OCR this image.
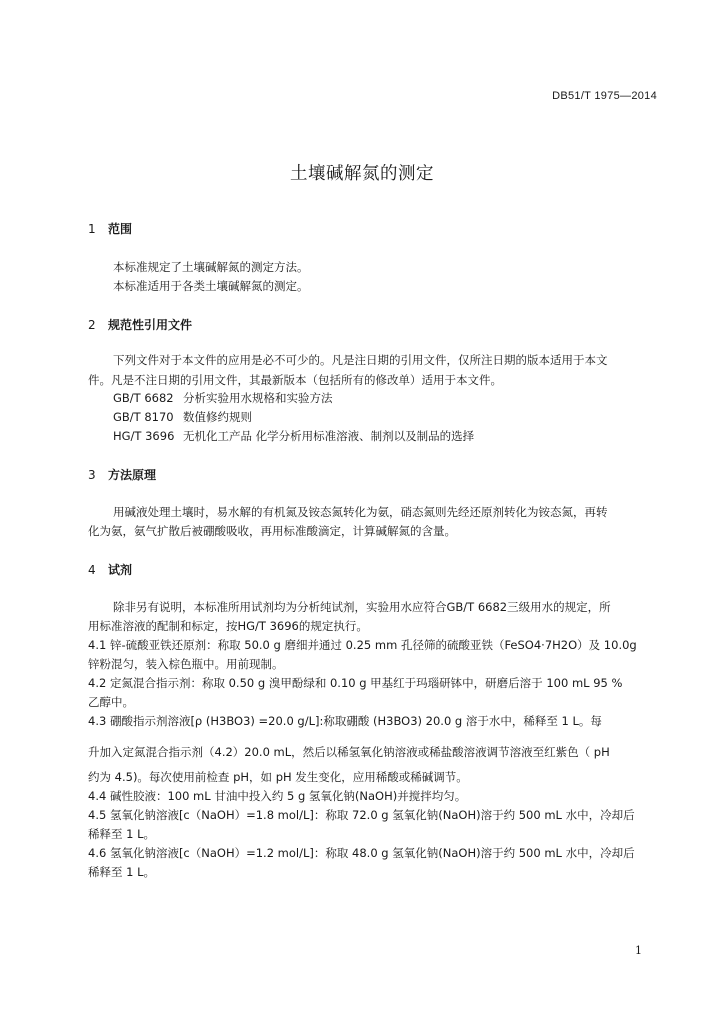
DB51/T 1975—2014
土壤碱解氮的测定
1 范围
本标准规定了土壤碱解氮的测定方法。
本标准适用于各类土壤碱解氮的测定。
2 规范性引用文件
下列文件对于本文件的应用是必不可少的。凡是注日期的引用文件，仅所注日期的版本适用于本文
件。凡是不注日期的引用文件，其最新版本（包括所有的修改单）适用于本文件。
GB/T 6682 分析实验用水规格和实验方法
GB/T 8170 数值修约规则
HG/T 3696 无机化工产品 化学分析用标准溶液、制剂以及制品的选择
3 方法原理
用碱液处理土壤时，易水解的有机氮及铵态氮转化为氨，硝态氮则先经还原剂转化为铵态氮，再转
化为氨，氨气扩散后被硼酸吸收，再用标准酸滴定，计算碱解氮的含量。
4 试剂
除非另有说明，本标准所用试剂均为分析纯试剂，实验用水应符合GB/T 6682三级用水的规定，所
用标准溶液的配制和标定，按HG/T 3696的规定执行。
4.1 锌-硫酸亚铁还原剂：称取 50.0 g 磨细并通过 0.25 mm 孔径筛的硫酸亚铁（FeSO4·7H2O）及 10.0g
锌粉混匀，装入棕色瓶中。用前现制。
4.2 定氮混合指示剂：称取 0.50 g 溴甲酚绿和 0.10 g 甲基红于玛瑙研钵中，研磨后溶于 100 mL 95 %
乙醇中。
4.3 硼酸指示剂溶液[ρ (H3BO3) =20.0 g/L]:称取硼酸 (H3BO3) 20.0 g 溶于水中，稀释至 1 L。每
升加入定氮混合指示剂（4.2）20.0 mL，然后以稀氢氧化钠溶液或稀盐酸溶液调节溶液至红紫色（ pH
约为 4.5)。每次使用前检查 pH，如 pH 发生变化，应用稀酸或稀碱调节。
4.4 碱性胶液：100 mL 甘油中投入约 5 g 氢氧化钠(NaOH)并搅拌均匀。
4.5 氢氧化钠溶液[c（NaOH）=1.8 mol/L]：称取 72.0 g 氢氧化钠(NaOH)溶于约 500 mL 水中，冷却后
稀释至 1 L。
4.6 氢氧化钠溶液[c（NaOH）=1.2 mol/L]：称取 48.0 g 氢氧化钠(NaOH)溶于约 500 mL 水中，冷却后
稀释至 1 L。
1
